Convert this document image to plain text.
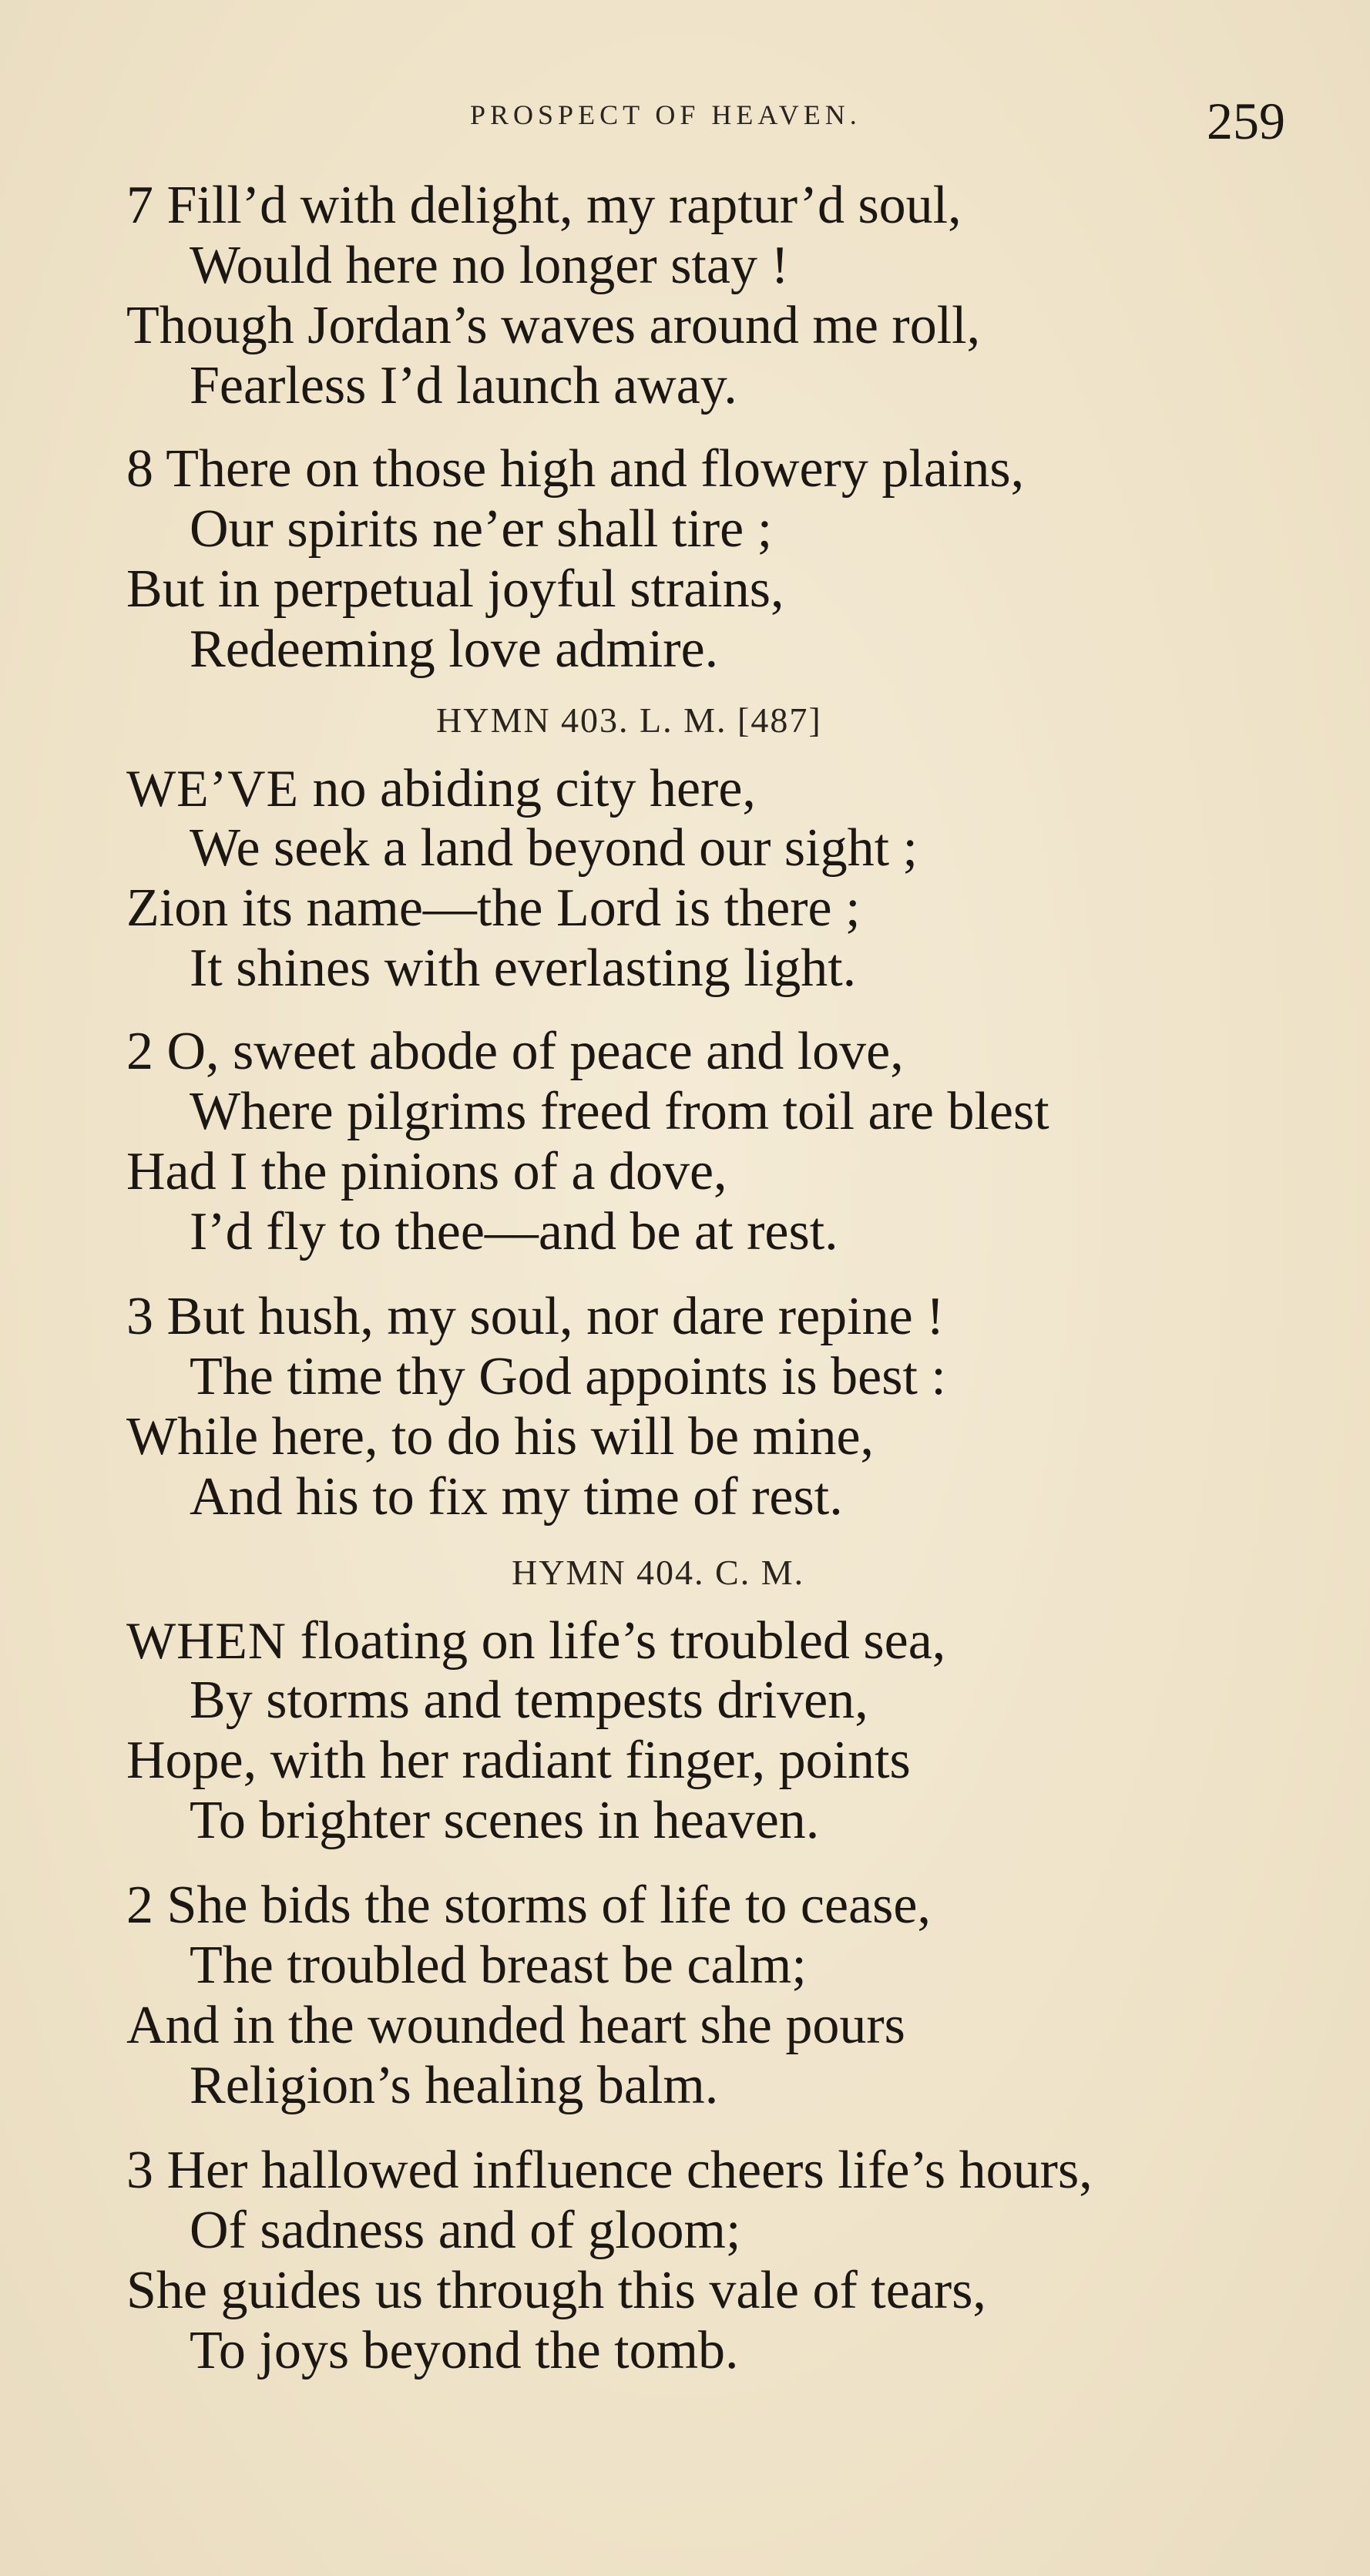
PROSPECT OF HEAVEN.	259
7 Fill’d with delight, my raptur’d soul,
Would here no longer stay !
Though Jordan’s waves around me roll,
Fearless I’d launch away.
8 There on those high and flowery plains,
Our spirits ne’er shall tire ;
But in perpetual joyful strains,
Redeeming love admire.
HYMN 403. L. M. [487]
WE’VE no abiding city here,
We seek a land beyond our sight ;
Zion its name—the Lord is there ;
It shines with everlasting light.
2 O, sweet abode of peace and love,
Where pilgrims freed from toil are blest
Had I the pinions of a dove,
I’d fly to thee—and be at rest.
3 But hush, my soul, nor dare repine !
The time thy God appoints is best :
While here, to do his will be mine,
And his to fix my time of rest.
HYMN 404. C. M.
WHEN floating on life’s troubled sea,
By storms and tempests driven,
Hope, with her radiant finger, points
To brighter scenes in heaven.
2 She bids the storms of life to cease,
The troubled breast be calm;
And in the wounded heart she pours
Religion’s healing balm.
3 Her hallowed influence cheers life’s hours,
Of sadness and of gloom;
She guides us through this vale of tears,
To joys beyond the tomb.
